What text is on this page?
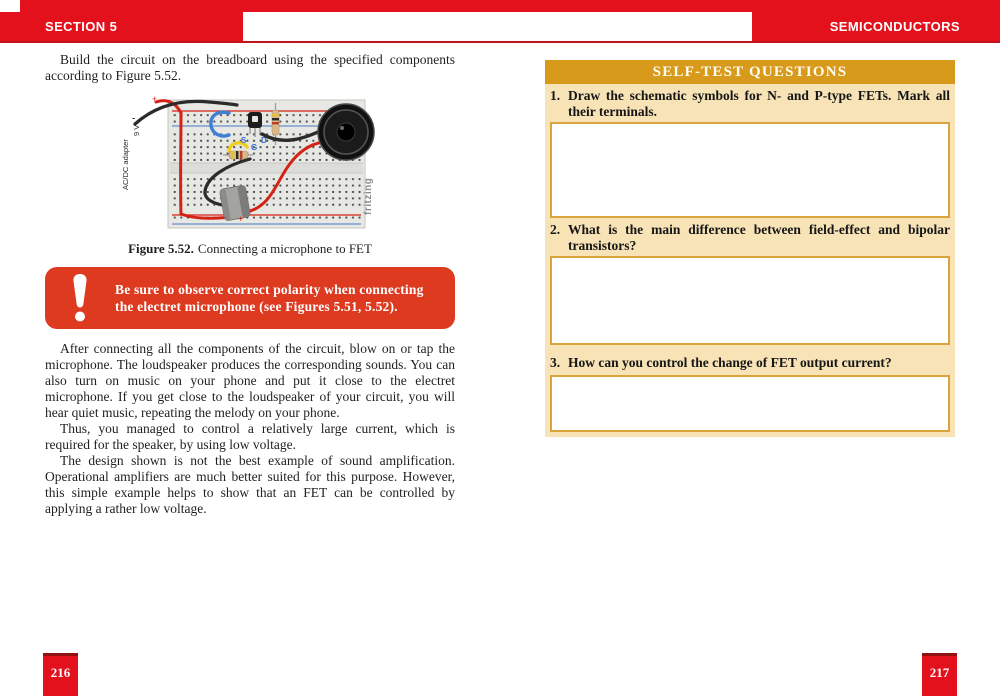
SECTION 5	SEMICONDUCTORS

Build the circuit on the breadboard using the specified components according to Figure 5.52.

AC/DC adapter
9 V
+
-
S
G
D
- +
fritzing
Figure 5.52. Connecting a microphone to FET
Be sure to observe correct polarity when connecting the electret microphone (see Figures 5.51, 5.52).

After connecting all the components of the circuit, blow on or tap the microphone. The loudspeaker produces the corresponding sounds. You can also turn on music on your phone and put it close to the electret microphone. If you get close to the loudspeaker of your circuit, you will hear quiet music, repeating the melody on your phone.

Thus, you managed to control a relatively large current, which is required for the speaker, by using low voltage.

The design shown is not the best example of sound amplification. Operational amplifiers are much better suited for this purpose. However, this simple example helps to show that an FET can be controlled by applying a rather low voltage.

SELF-TEST QUESTIONS
1. Draw the schematic symbols for N- and P-type FETs. Mark all their terminals.
2. What is the main difference between field-effect and bipolar transistors?
3. How can you control the change of FET output current?
216	217
